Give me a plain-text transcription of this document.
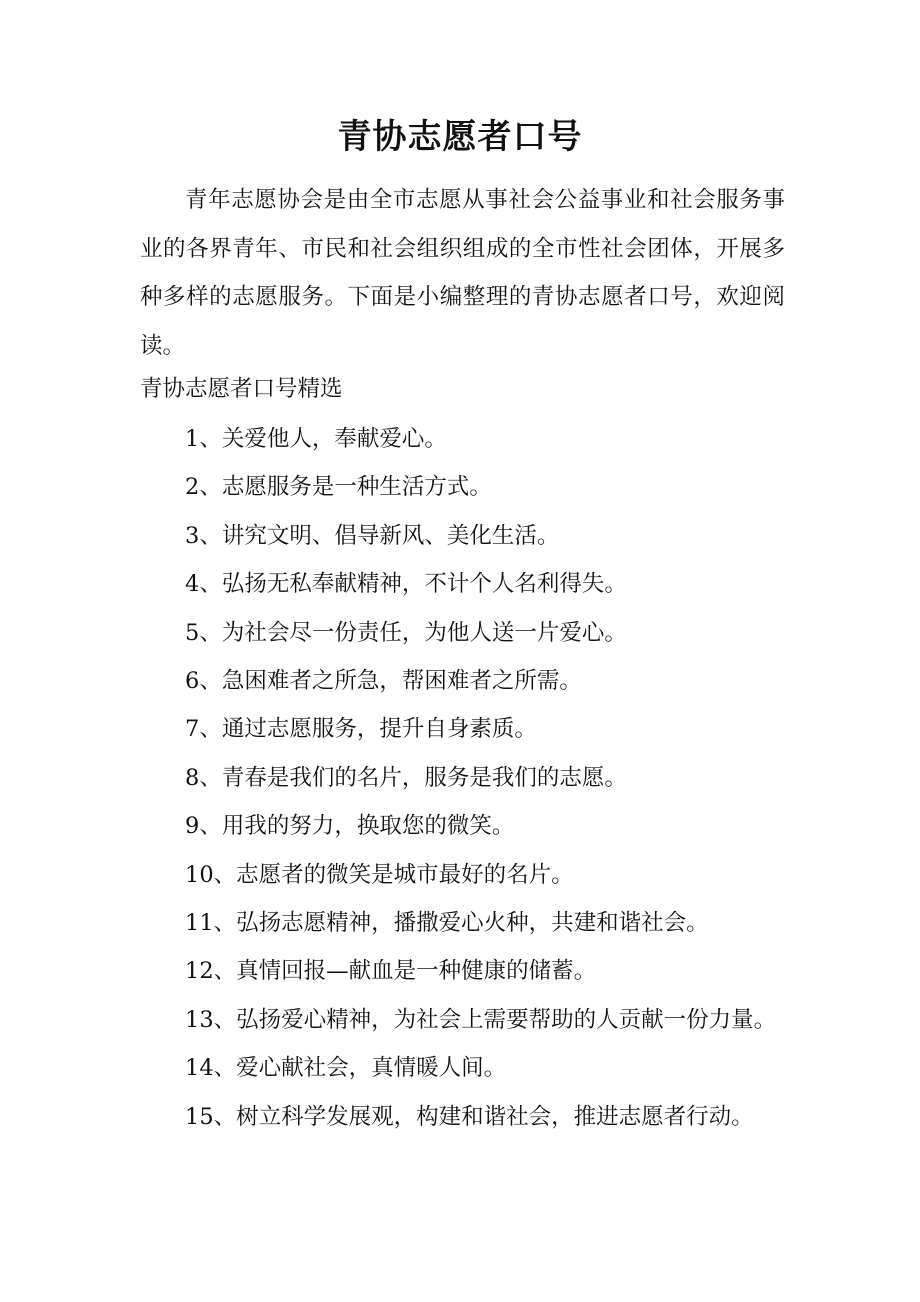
青协志愿者口号

青年志愿协会是由全市志愿从事社会公益事业和社会服务事业的各界青年、市民和社会组织组成的全市性社会团体，开展多种多样的志愿服务。下面是小编整理的青协志愿者口号，欢迎阅读。

青协志愿者口号精选

1、关爱他人，奉献爱心。
2、志愿服务是一种生活方式。
3、讲究文明、倡导新风、美化生活。
4、弘扬无私奉献精神，不计个人名利得失。
5、为社会尽一份责任，为他人送一片爱心。
6、急困难者之所急，帮困难者之所需。
7、通过志愿服务，提升自身素质。
8、青春是我们的名片，服务是我们的志愿。
9、用我的努力，换取您的微笑。
10、志愿者的微笑是城市最好的名片。
11、弘扬志愿精神，播撒爱心火种，共建和谐社会。
12、真情回报—献血是一种健康的储蓄。
13、弘扬爱心精神，为社会上需要帮助的人贡献一份力量。
14、爱心献社会，真情暖人间。
15、树立科学发展观，构建和谐社会，推进志愿者行动。
